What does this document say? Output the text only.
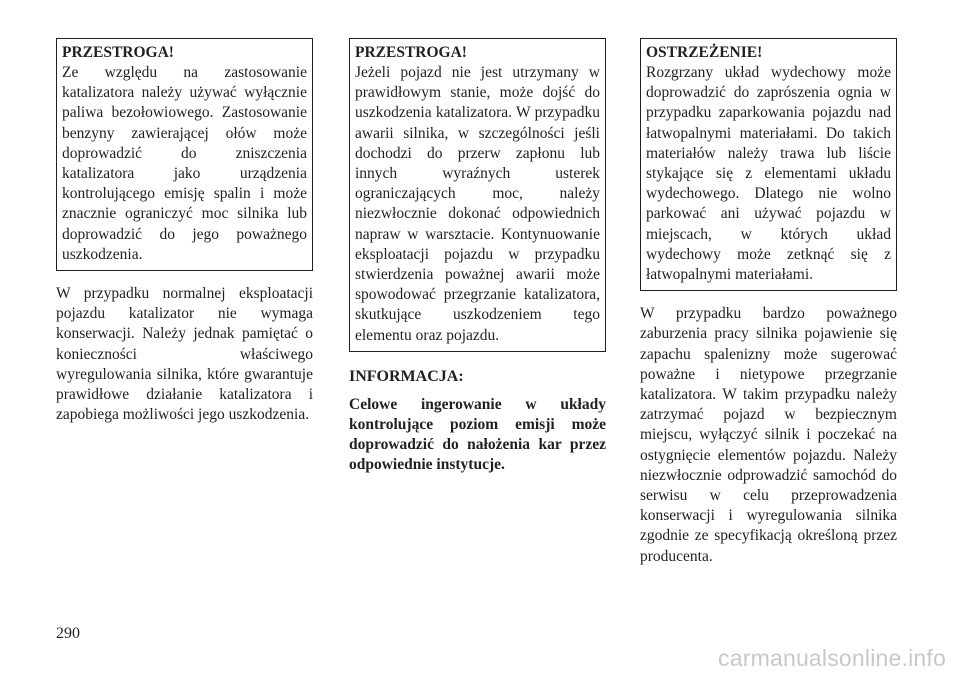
PRZESTROGA!

Ze względu na zastosowanie katalizatora należy używać wyłącznie paliwa bezołowiowego. Zastosowanie benzyny zawierającej ołów może doprowadzić do zniszczenia katalizatora jako urządzenia kontrolującego emisję spalin i może znacznie ograniczyć moc silnika lub doprowadzić do jego poważnego uszkodzenia.

W przypadku normalnej eksploatacji pojazdu katalizator nie wymaga konserwacji. Należy jednak pamiętać o konieczności właściwego wyregulowania silnika, które gwarantuje prawidłowe działanie katalizatora i zapobiega możliwości jego uszkodzenia.

PRZESTROGA!

Jeżeli pojazd nie jest utrzymany w prawidłowym stanie, może dojść do uszkodzenia katalizatora. W przypadku awarii silnika, w szczególności jeśli dochodzi do przerw zapłonu lub innych wyraźnych usterek ograniczających moc, należy niezwłocznie dokonać odpowiednich napraw w warsztacie. Kontynuowanie eksploatacji pojazdu w przypadku stwierdzenia poważnej awarii może spowodować przegrzanie katalizatora, skutkujące uszkodzeniem tego elementu oraz pojazdu.

INFORMACJA:

Celowe ingerowanie w układy kontrolujące poziom emisji może doprowadzić do nałożenia kar przez odpowiednie instytucje.

OSTRZEŻENIE!

Rozgrzany układ wydechowy może doprowadzić do zaprószenia ognia w przypadku zaparkowania pojazdu nad łatwopalnymi materiałami. Do takich materiałów należy trawa lub liście stykające się z elementami układu wydechowego. Dlatego nie wolno parkować ani używać pojazdu w miejscach, w których układ wydechowy może zetknąć się z łatwopalnymi materiałami.

W przypadku bardzo poważnego zaburzenia pracy silnika pojawienie się zapachu spalenizny może sugerować poważne i nietypowe przegrzanie katalizatora. W takim przypadku należy zatrzymać pojazd w bezpiecznym miejscu, wyłączyć silnik i poczekać na ostygnięcie elementów pojazdu. Należy niezwłocznie odprowadzić samochód do serwisu w celu przeprowadzenia konserwacji i wyregulowania silnika zgodnie ze specyfikacją określoną przez producenta.

290
carmanualsonline.info
